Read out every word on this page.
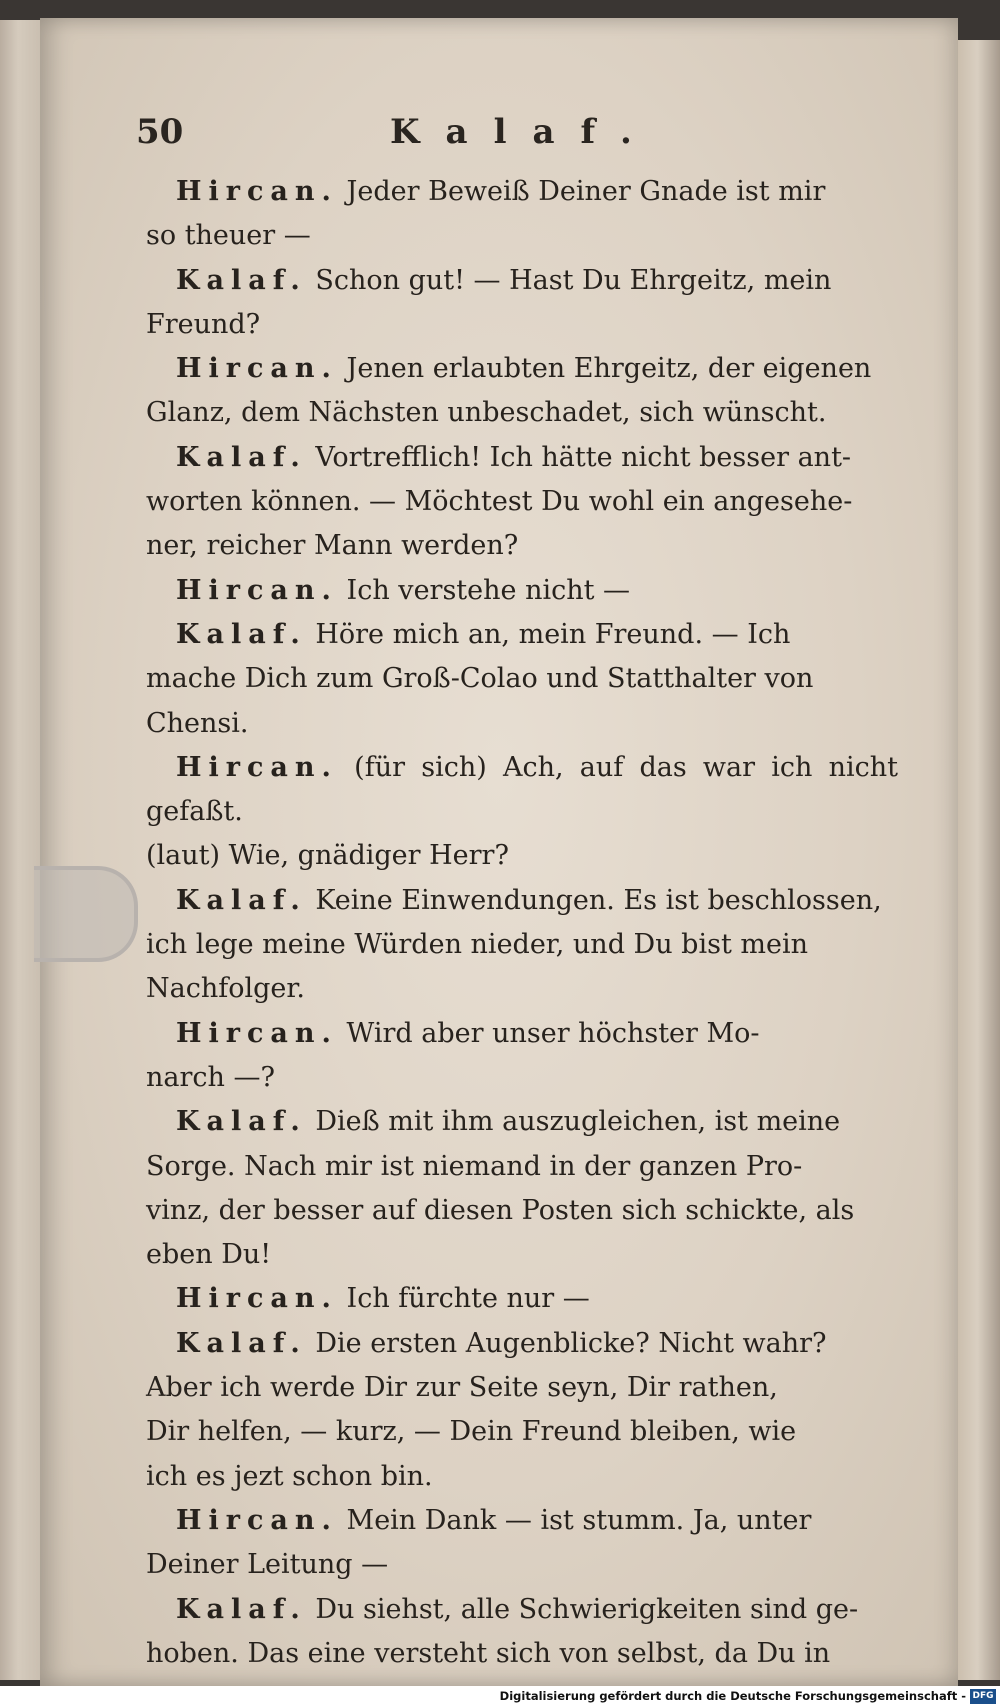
50	Kalaf.

Hircan. Jeder Beweiß Deiner Gnade ist mir

so theuer —

Kalaf. Schon gut! — Hast Du Ehrgeitz, mein

Freund?

Hircan. Jenen erlaubten Ehrgeitz, der eigenen

Glanz, dem Nächsten unbeschadet, sich wünscht.

Kalaf. Vortrefflich! Ich hätte nicht besser ant-

worten können. — Möchtest Du wohl ein angesehe-

ner, reicher Mann werden?

Hircan. Ich verstehe nicht —

Kalaf. Höre mich an, mein Freund. — Ich

mache Dich zum Groß-Colao und Statthalter von

Chensi.

Hircan. (für sich) Ach, auf das war ich nicht gefaßt.

(laut) Wie, gnädiger Herr?

Kalaf. Keine Einwendungen. Es ist beschlossen,

ich lege meine Würden nieder, und Du bist mein

Nachfolger.

Hircan. Wird aber unser höchster Mo-

narch —?

Kalaf. Dieß mit ihm auszugleichen, ist meine

Sorge. Nach mir ist niemand in der ganzen Pro-

vinz, der besser auf diesen Posten sich schickte, als

eben Du!

Hircan. Ich fürchte nur —

Kalaf. Die ersten Augenblicke? Nicht wahr?

Aber ich werde Dir zur Seite seyn, Dir rathen,

Dir helfen, — kurz, — Dein Freund bleiben, wie

ich es jezt schon bin.

Hircan. Mein Dank — ist stumm. Ja, unter

Deiner Leitung —

Kalaf. Du siehst, alle Schwierigkeiten sind ge-

hoben. Das eine versteht sich von selbst, da Du in

Digitalisierung gefördert durch die Deutsche Forschungsgemeinschaft - DFG
